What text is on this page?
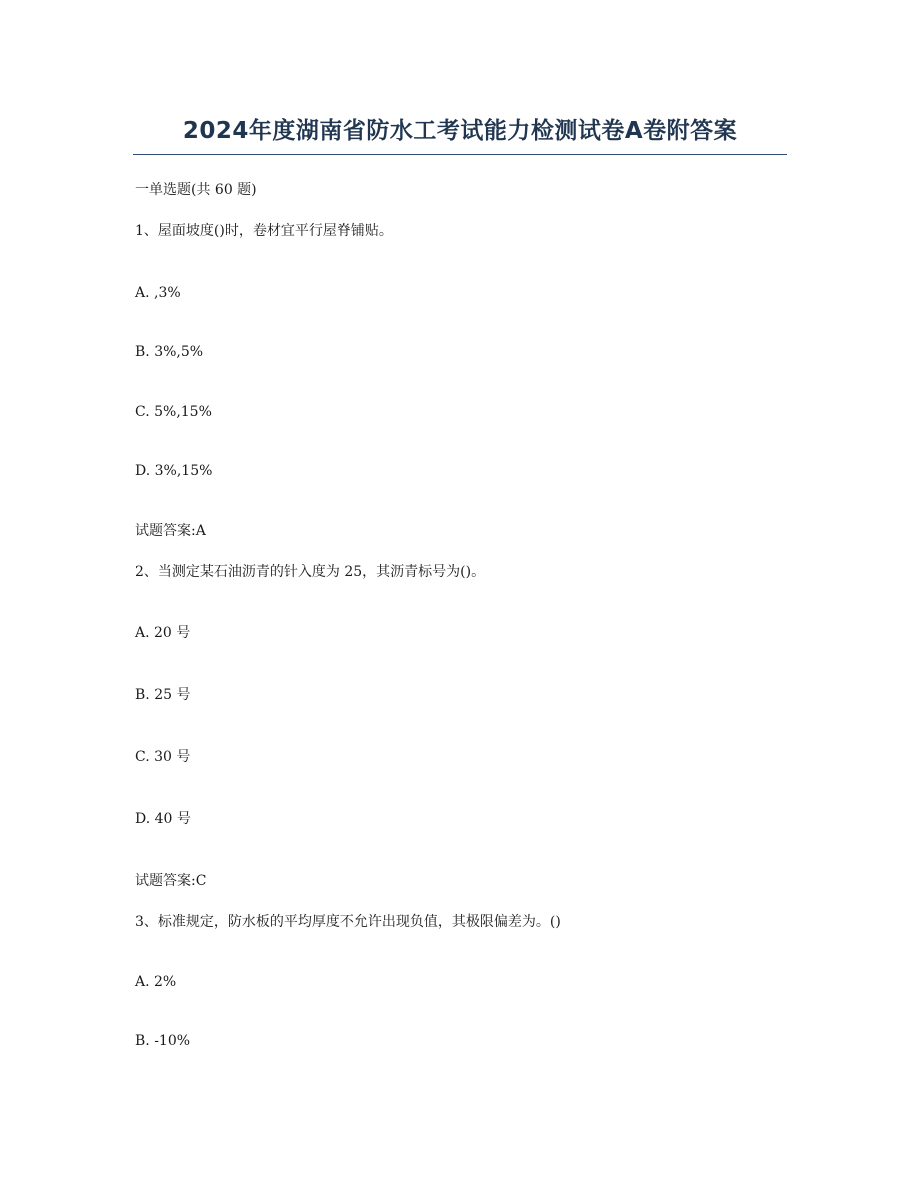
2024年度湖南省防水工考试能力检测试卷A卷附答案
一单选题(共 60 题)
1、屋面坡度()时，卷材宜平行屋脊铺贴。
A. ,3%
B. 3%,5%
C. 5%,15%
D. 3%,15%
试题答案:A
2、当测定某石油沥青的针入度为 25，其沥青标号为()。
A. 20 号
B. 25 号
C. 30 号
D. 40 号
试题答案:C
3、标准规定，防水板的平均厚度不允许出现负值，其极限偏差为。()
A. 2%
B. -10%
